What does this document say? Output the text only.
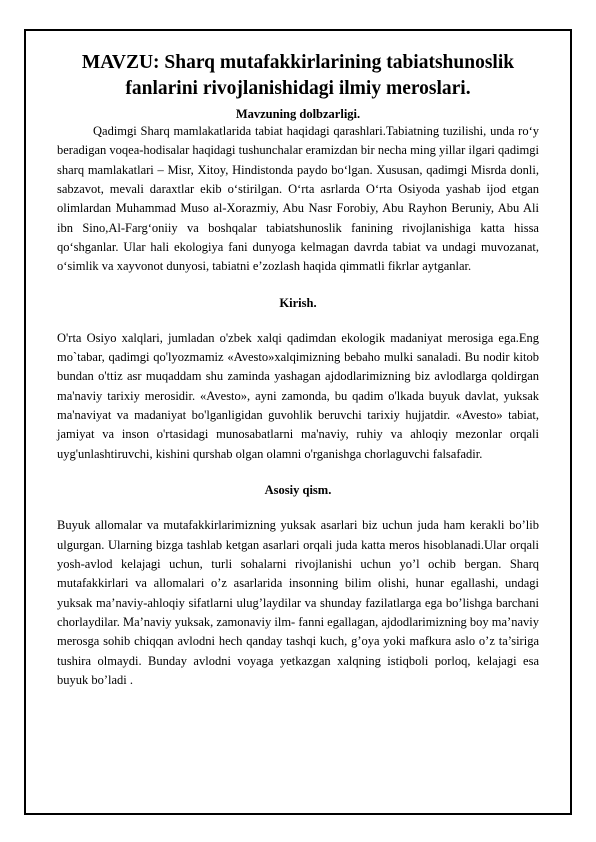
MAVZU: Sharq mutafakkirlarining tabiatshunoslik
fanlarini rivojlanishidagi ilmiy meroslari.
Mavzuning dolbzarligi.

Qadimgi Sharq mamlakatlarida tabiat haqidagi qarashlari.Tabiatning tuzilishi, unda ro‘y beradigan voqea-hodisalar haqidagi tushunchalar eramizdan bir necha ming yillar ilgari qadimgi sharq mamlakatlari – Misr, Xitoy, Hindistonda paydo bo‘lgan. Xususan, qadimgi Misrda donli, sabzavot, mevali daraxtlar ekib o‘stirilgan. O‘rta asrlarda O‘rta Osiyoda yashab ijod etgan olimlardan Muhammad Muso al-Xorazmiy, Abu Nasr Forobiy, Abu Rayhon Beruniy, Abu Ali ibn Sino,Al-Farg‘oniiy va boshqalar tabiatshunoslik fanining rivojlanishiga katta hissa qo‘shganlar. Ular hali ekologiya fani dunyoga kelmagan davrda tabiat va undagi muvozanat, o‘simlik va xayvonot dunyosi, tabiatni e’zozlash haqida qimmatli fikrlar aytganlar.

Kirish.

O'rta Osiyo xalqlari, jumladan o'zbek xalqi qadimdan ekologik madaniyat merosiga ega.Eng mo`tabar, qadimgi qo'lyozmamiz «Avesto»xalqimizning bebaho mulki sanaladi. Bu nodir kitob bundan o'ttiz asr muqaddam shu zaminda yashagan ajdodlarimizning biz avlodlarga qoldirgan ma'naviy tarixiy merosidir. «Avesto», ayni zamonda, bu qadim o'lkada buyuk davlat, yuksak ma'naviyat va madaniyat bo'lganligidan guvohlik beruvchi tarixiy hujjatdir. «Avesto» tabiat, jamiyat va inson o'rtasidagi munosabatlarni ma'naviy, ruhiy va ahloqiy mezonlar orqali uyg'unlashtiruvchi, kishini qurshab olgan olamni o'rganishga chorlaguvchi falsafadir.

Asosiy qism.

Buyuk allomalar va mutafakkirlarimizning yuksak asarlari biz uchun juda ham kerakli bo’lib ulgurgan. Ularning bizga tashlab ketgan asarlari orqali juda katta meros hisoblanadi.Ular orqali yosh-avlod kelajagi uchun, turli sohalarni rivojlanishi uchun yo’l ochib bergan. Sharq mutafakkirlari va allomalari o’z asarlarida insonning bilim olishi, hunar egallashi, undagi yuksak ma’naviy-ahloqiy sifatlarni ulug’laydilar va shunday fazilatlarga ega bo’lishga barchani chorlaydilar. Ma’naviy yuksak, zamonaviy ilm- fanni egallagan, ajdodlarimizning boy ma’naviy merosga sohib chiqqan avlodni hech qanday tashqi kuch, g’oya yoki mafkura aslo o’z ta’siriga tushira olmaydi. Bunday avlodni voyaga yetkazgan xalqning istiqboli porloq, kelajagi esa buyuk bo’ladi .
